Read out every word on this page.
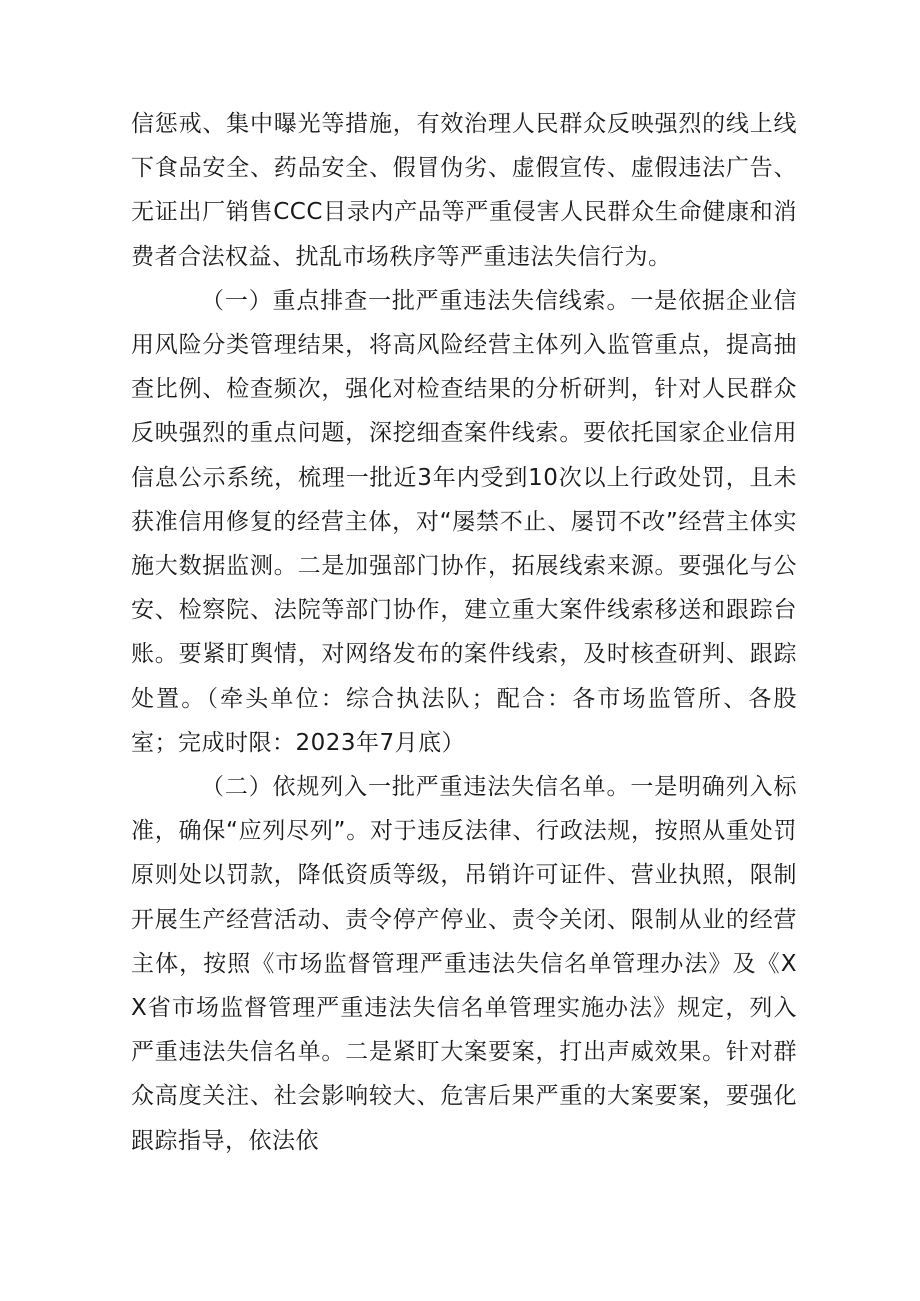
信惩戒、集中曝光等措施，有效治理人民群众反映强烈的线上线下食品安全、药品安全、假冒伪劣、虚假宣传、虚假违法广告、无证出厂销售CCC目录内产品等严重侵害人民群众生命健康和消费者合法权益、扰乱市场秩序等严重违法失信行为。

（一）重点排查一批严重违法失信线索。一是依据企业信用风险分类管理结果，将高风险经营主体列入监管重点，提高抽查比例、检查频次，强化对检查结果的分析研判，针对人民群众反映强烈的重点问题，深挖细查案件线索。要依托国家企业信用信息公示系统，梳理一批近3年内受到10次以上行政处罚，且未获准信用修复的经营主体，对“屡禁不止、屡罚不改”经营主体实施大数据监测。二是加强部门协作，拓展线索来源。要强化与公安、检察院、法院等部门协作，建立重大案件线索移送和跟踪台账。要紧盯舆情，对网络发布的案件线索，及时核查研判、跟踪处置。（牵头单位：综合执法队；配合：各市场监管所、各股室；完成时限：2023年7月底）

（二）依规列入一批严重违法失信名单。一是明确列入标准，确保“应列尽列”。对于违反法律、行政法规，按照从重处罚原则处以罚款，降低资质等级，吊销许可证件、营业执照，限制开展生产经营活动、责令停产停业、责令关闭、限制从业的经营主体，按照《市场监督管理严重违法失信名单管理办法》及《XX省市场监督管理严重违法失信名单管理实施办法》规定，列入严重违法失信名单。二是紧盯大案要案，打出声威效果。针对群众高度关注、社会影响较大、危害后果严重的大案要案，要强化跟踪指导，依法依
